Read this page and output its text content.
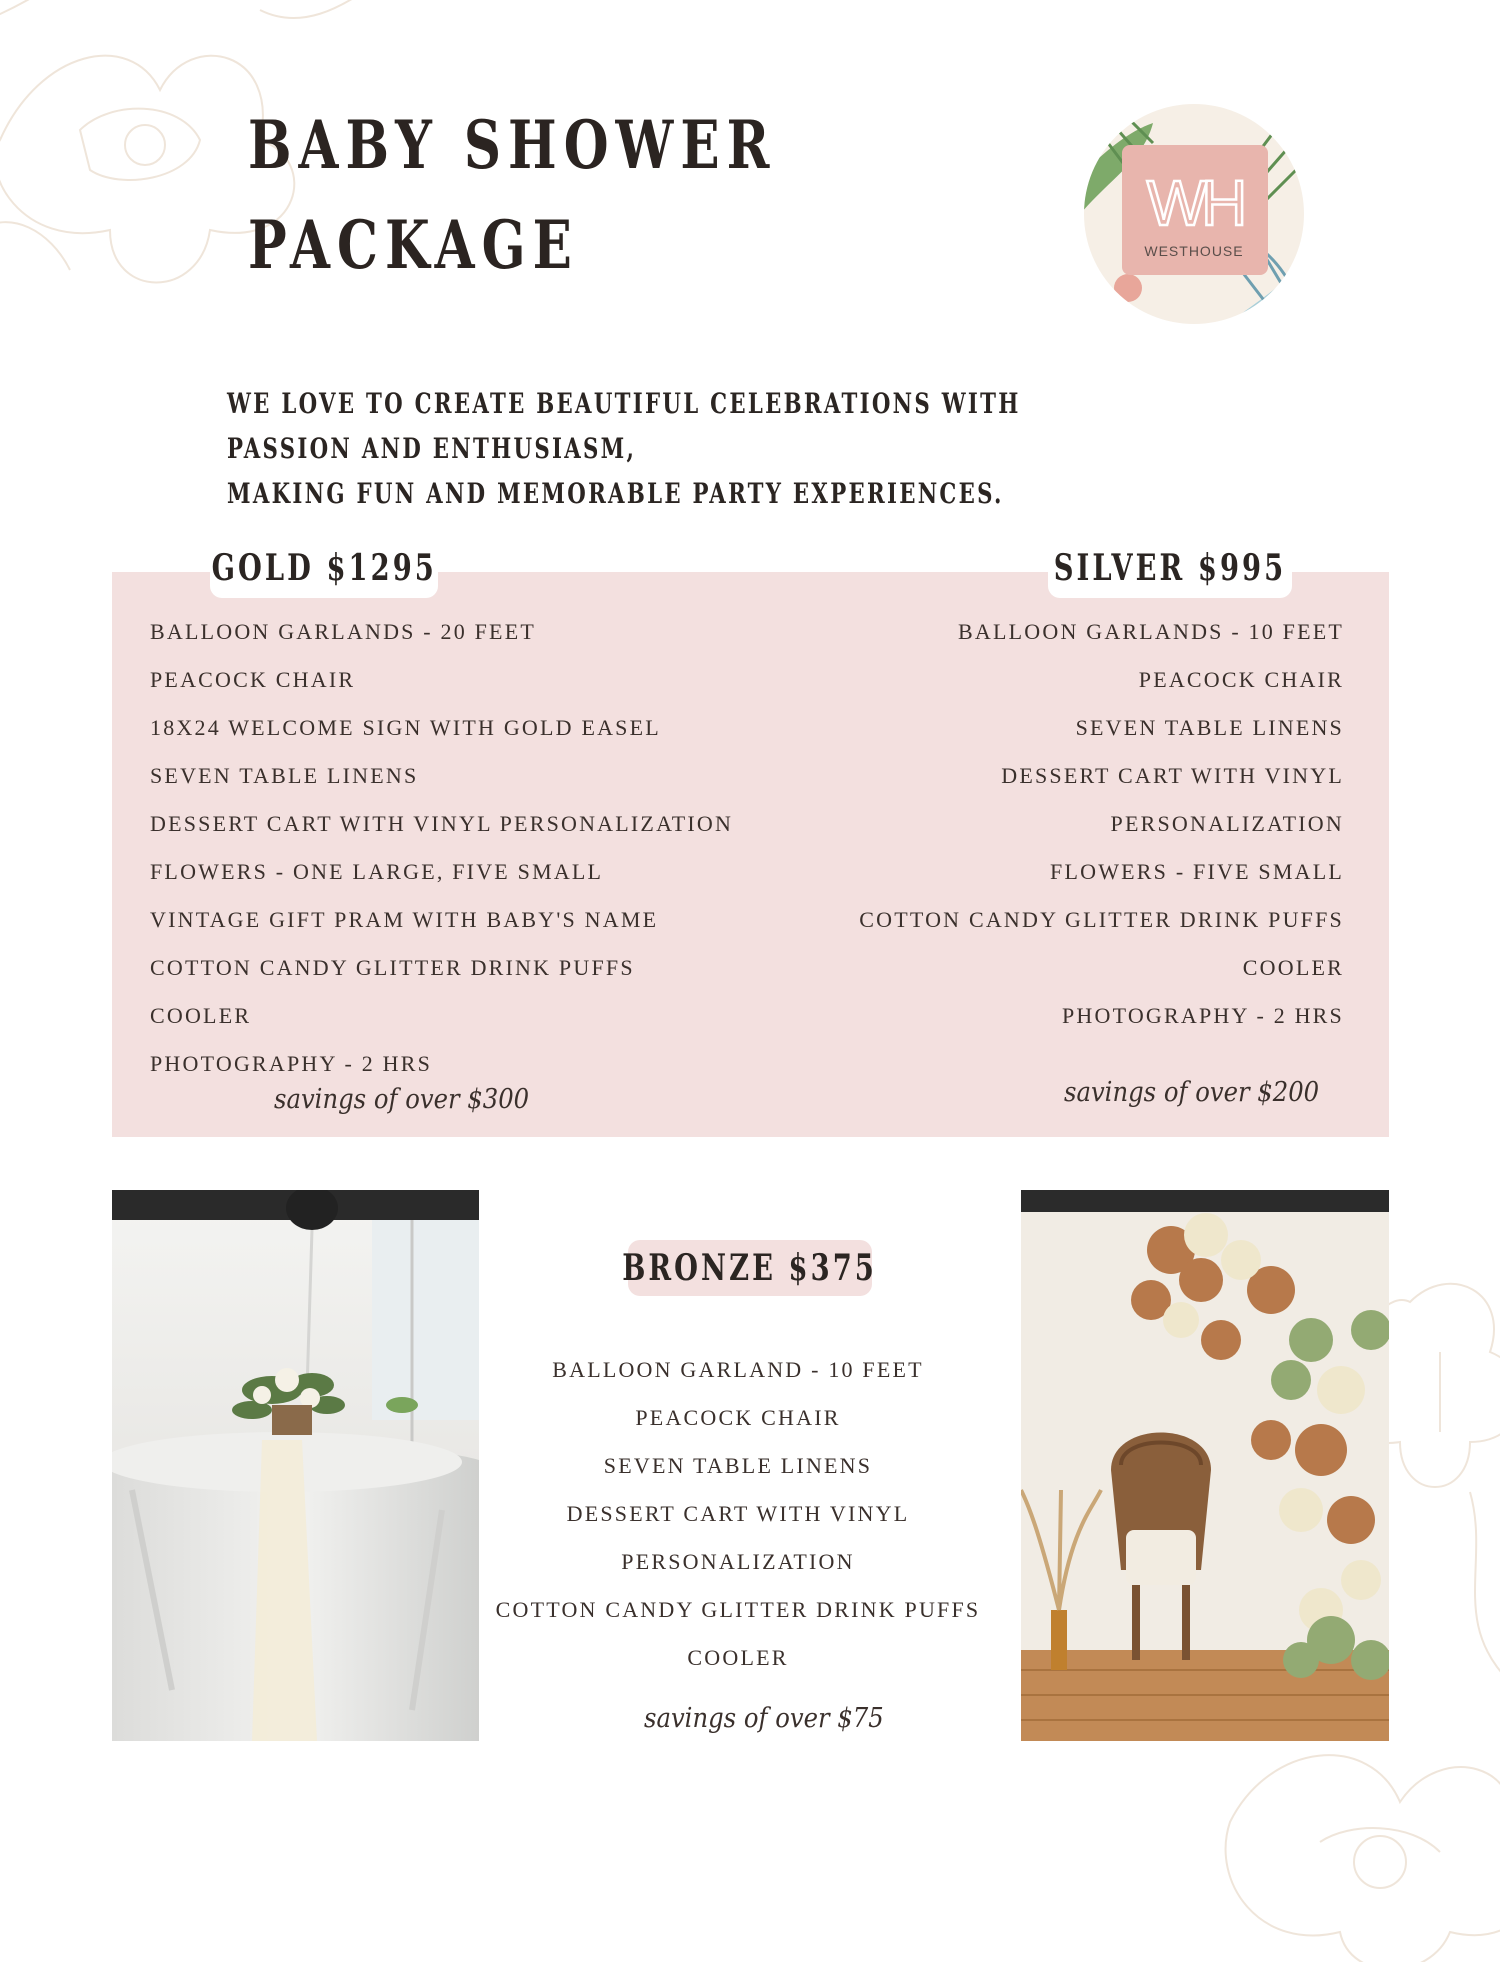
BABY SHOWER
PACKAGE
WH
WESTHOUSE
WE LOVE TO CREATE BEAUTIFUL CELEBRATIONS WITH PASSION AND ENTHUSIASM,
MAKING FUN AND MEMORABLE PARTY EXPERIENCES.
GOLD $1295	SILVER $995
BALLOON GARLANDS - 20 FEET
PEACOCK CHAIR
18X24 WELCOME SIGN WITH GOLD EASEL
SEVEN TABLE LINENS
DESSERT CART WITH VINYL PERSONALIZATION
FLOWERS - ONE LARGE, FIVE SMALL
VINTAGE GIFT PRAM WITH BABY'S NAME
COTTON CANDY GLITTER DRINK PUFFS
COOLER
PHOTOGRAPHY - 2 HRS
BALLOON GARLANDS - 10 FEET
PEACOCK CHAIR
SEVEN TABLE LINENS
DESSERT CART WITH VINYL
PERSONALIZATION
FLOWERS - FIVE SMALL
COTTON CANDY GLITTER DRINK PUFFS
COOLER
PHOTOGRAPHY - 2 HRS
savings of over $300	savings of over $200
BRONZE $375
BALLOON GARLAND - 10 FEET
PEACOCK CHAIR
SEVEN TABLE LINENS
DESSERT CART WITH VINYL
PERSONALIZATION
COTTON CANDY GLITTER DRINK PUFFS
COOLER
savings of over $75
